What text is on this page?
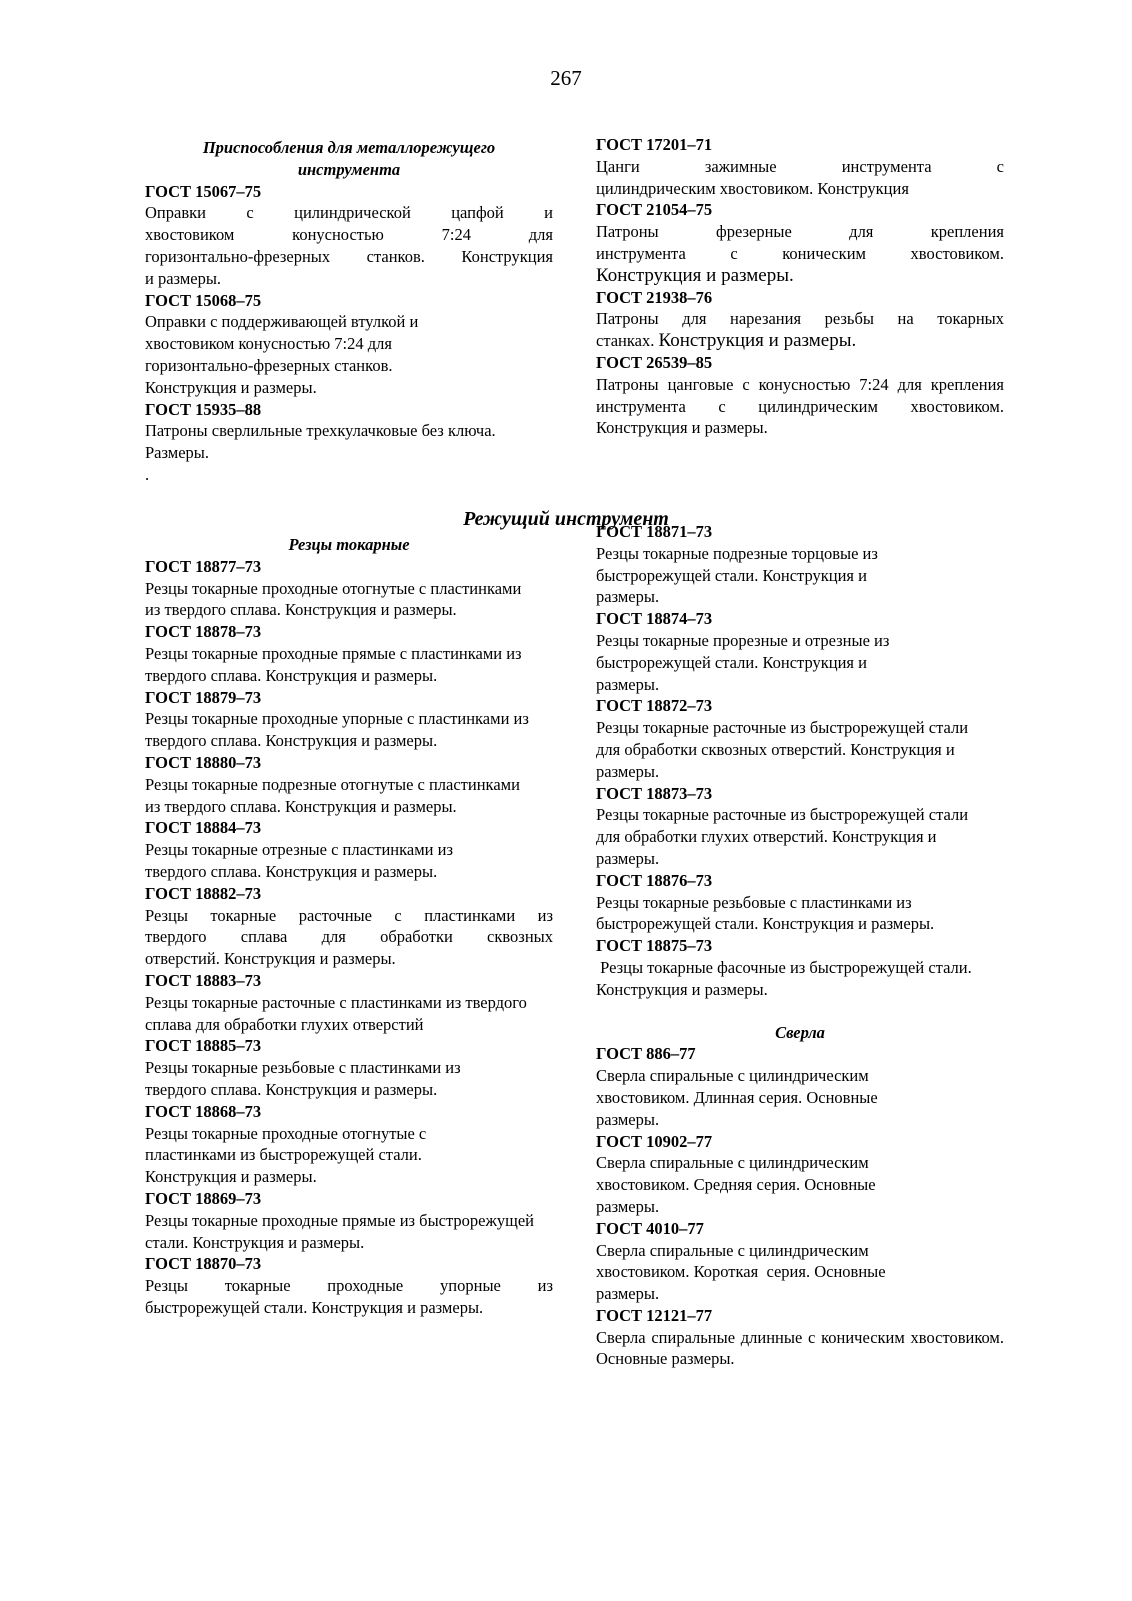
267
Приспособления для металлорежущего
инструмента
ГОСТ 15067–75
Оправки с цилиндрической цапфой и
хвостовиком конусностью 7:24 для
горизонтально-фрезерных станков. Конструкция
и размеры.
ГОСТ 15068–75
Оправки с поддерживающей втулкой и хвостовиком конусностью 7:24 для горизонтально-фрезерных станков. Конструкция и размеры.
ГОСТ 15935–88
Патроны сверлильные трехкулачковые без ключа. Размеры.
.
ГОСТ 17201–71
Цанги зажимные инструмента с
цилиндрическим хвостовиком. Конструкция
ГОСТ 21054–75
Патроны фрезерные для крепления
инструмента с коническим хвостовиком.
Конструкция и размеры.
ГОСТ 21938–76
Патроны для нарезания резьбы на токарных
станках. Конструкция и размеры.
ГОСТ 26539–85
Патроны цанговые с конусностью 7:24 для крепления инструмента с цилиндрическим хвостовиком. Конструкция и размеры.
Режущий инструмент
Резцы токарные
ГОСТ 18877–73
Резцы токарные проходные отогнутые с пластинками из твердого сплава. Конструкция и размеры.
ГОСТ 18878–73
Резцы токарные проходные прямые с пластинками из твердого сплава. Конструкция и размеры.
ГОСТ 18879–73
Резцы токарные проходные упорные с пластинками из твердого сплава. Конструкция и размеры.
ГОСТ 18880–73
Резцы токарные подрезные отогнутые с пластинками из твердого сплава. Конструкция и размеры.
ГОСТ 18884–73
Резцы токарные отрезные с пластинками из твердого сплава. Конструкция и размеры.
ГОСТ 18882–73
Резцы токарные расточные с пластинками из
твердого сплава для обработки сквозных
отверстий. Конструкция и размеры.
ГОСТ 18883–73
Резцы токарные расточные с пластинками из твердого сплава для обработки глухих отверстий
ГОСТ 18885–73
Резцы токарные резьбовые с пластинками из твердого сплава. Конструкция и размеры.
ГОСТ 18868–73
Резцы токарные проходные отогнутые с пластинками из быстрорежущей стали. Конструкция и размеры.
ГОСТ 18869–73
Резцы токарные проходные прямые из быстрорежущей стали. Конструкция и размеры.
ГОСТ 18870–73
Резцы токарные проходные упорные из
быстрорежущей стали. Конструкция и размеры.
ГОСТ 18871–73
Резцы токарные подрезные торцовые из быстрорежущей стали. Конструкция и размеры.
ГОСТ 18874–73
Резцы токарные прорезные и отрезные из быстрорежущей стали. Конструкция и размеры.
ГОСТ 18872–73
Резцы токарные расточные из быстрорежущей стали для обработки сквозных отверстий. Конструкция и размеры.
ГОСТ 18873–73
Резцы токарные расточные из быстрорежущей стали для обработки глухих отверстий. Конструкция и размеры.
ГОСТ 18876–73
Резцы токарные резьбовые с пластинками из быстрорежущей стали. Конструкция и размеры.
ГОСТ 18875–73
Резцы токарные фасочные из быстрорежущей стали. Конструкция и размеры.
Сверла
ГОСТ 886–77
Сверла спиральные с цилиндрическим хвостовиком. Длинная серия. Основные размеры.
ГОСТ 10902–77
Сверла спиральные с цилиндрическим хвостовиком. Средняя серия. Основные размеры.
ГОСТ 4010–77
Сверла спиральные с цилиндрическим хвостовиком. Короткая  серия. Основные размеры.
ГОСТ 12121–77
Сверла спиральные длинные с коническим хвостовиком. Основные размеры.
